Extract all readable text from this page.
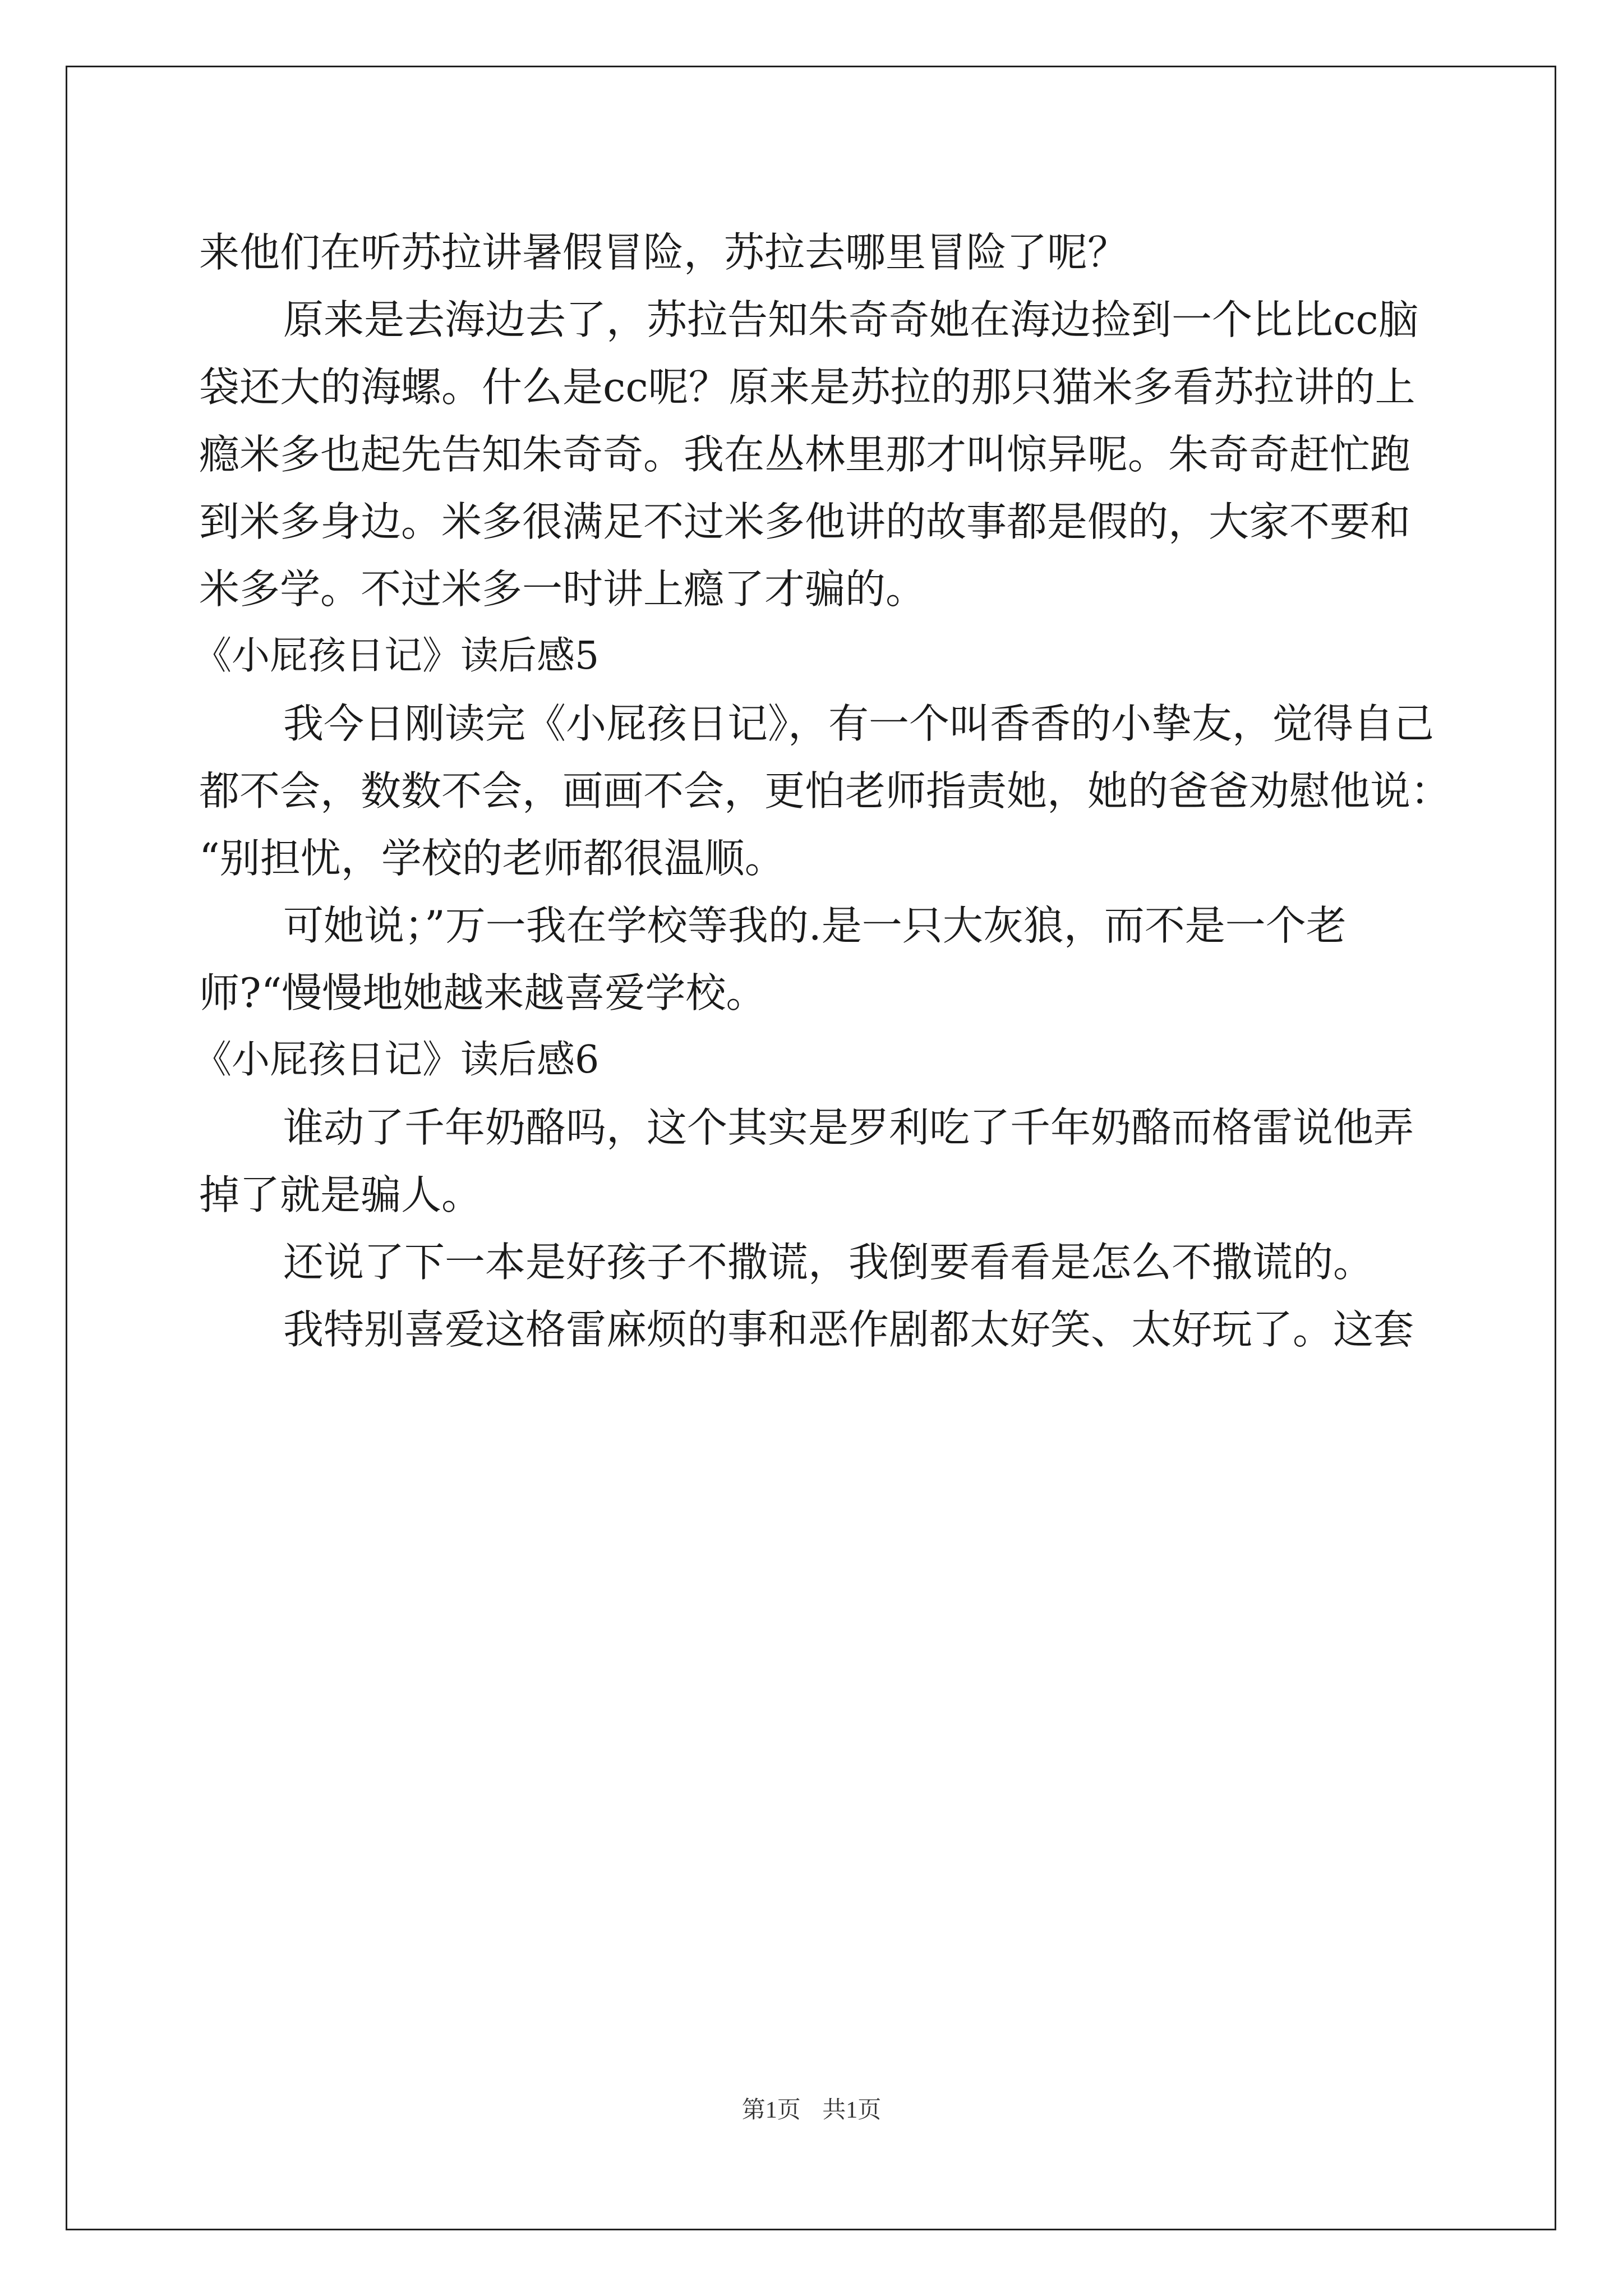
来他们在听苏拉讲暑假冒险，苏拉去哪里冒险了呢？

原来是去海边去了，苏拉告知朱奇奇她在海边捡到一个比比cc脑

袋还大的海螺。什么是cc呢？原来是苏拉的那只猫米多看苏拉讲的上

瘾米多也起先告知朱奇奇。我在丛林里那才叫惊异呢。朱奇奇赶忙跑

到米多身边。米多很满足不过米多他讲的故事都是假的，大家不要和

米多学。不过米多一时讲上瘾了才骗的。

《小屁孩日记》读后感5

我今日刚读完《小屁孩日记》，有一个叫香香的小挚友，觉得自己

都不会，数数不会，画画不会，更怕老师指责她，她的爸爸劝慰他说：

“别担忧，学校的老师都很温顺。

可她说；”万一我在学校等我的.是一只大灰狼，而不是一个老

师?“慢慢地她越来越喜爱学校。

《小屁孩日记》读后感6

谁动了千年奶酪吗，这个其实是罗利吃了千年奶酪而格雷说他弄

掉了就是骗人。

还说了下一本是好孩子不撒谎，我倒要看看是怎么不撒谎的。

我特别喜爱这格雷麻烦的事和恶作剧都太好笑、太好玩了。这套

第1页 共1页
